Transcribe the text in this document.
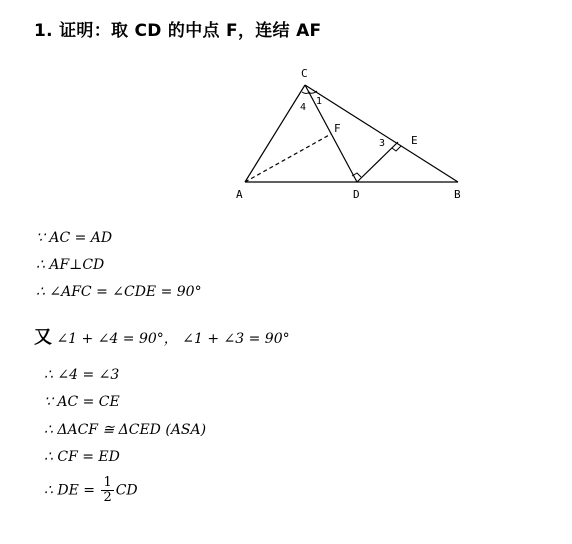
1. 证明：取 CD 的中点 F，连结 AF
C
A	D	B
F
E
4
1
3
∵ AC = AD
∴ AF⊥CD
∴ ∠AFC = ∠CDE = 90°
又 ∠1 + ∠4 = 90°， ∠1 + ∠3 = 90°
∴ ∠4 = ∠3
∵ AC = CE
∴ ΔACF ≅ ΔCED (ASA)
∴ CF = ED
∴ DE = $\frac{1}{2}$ CD
